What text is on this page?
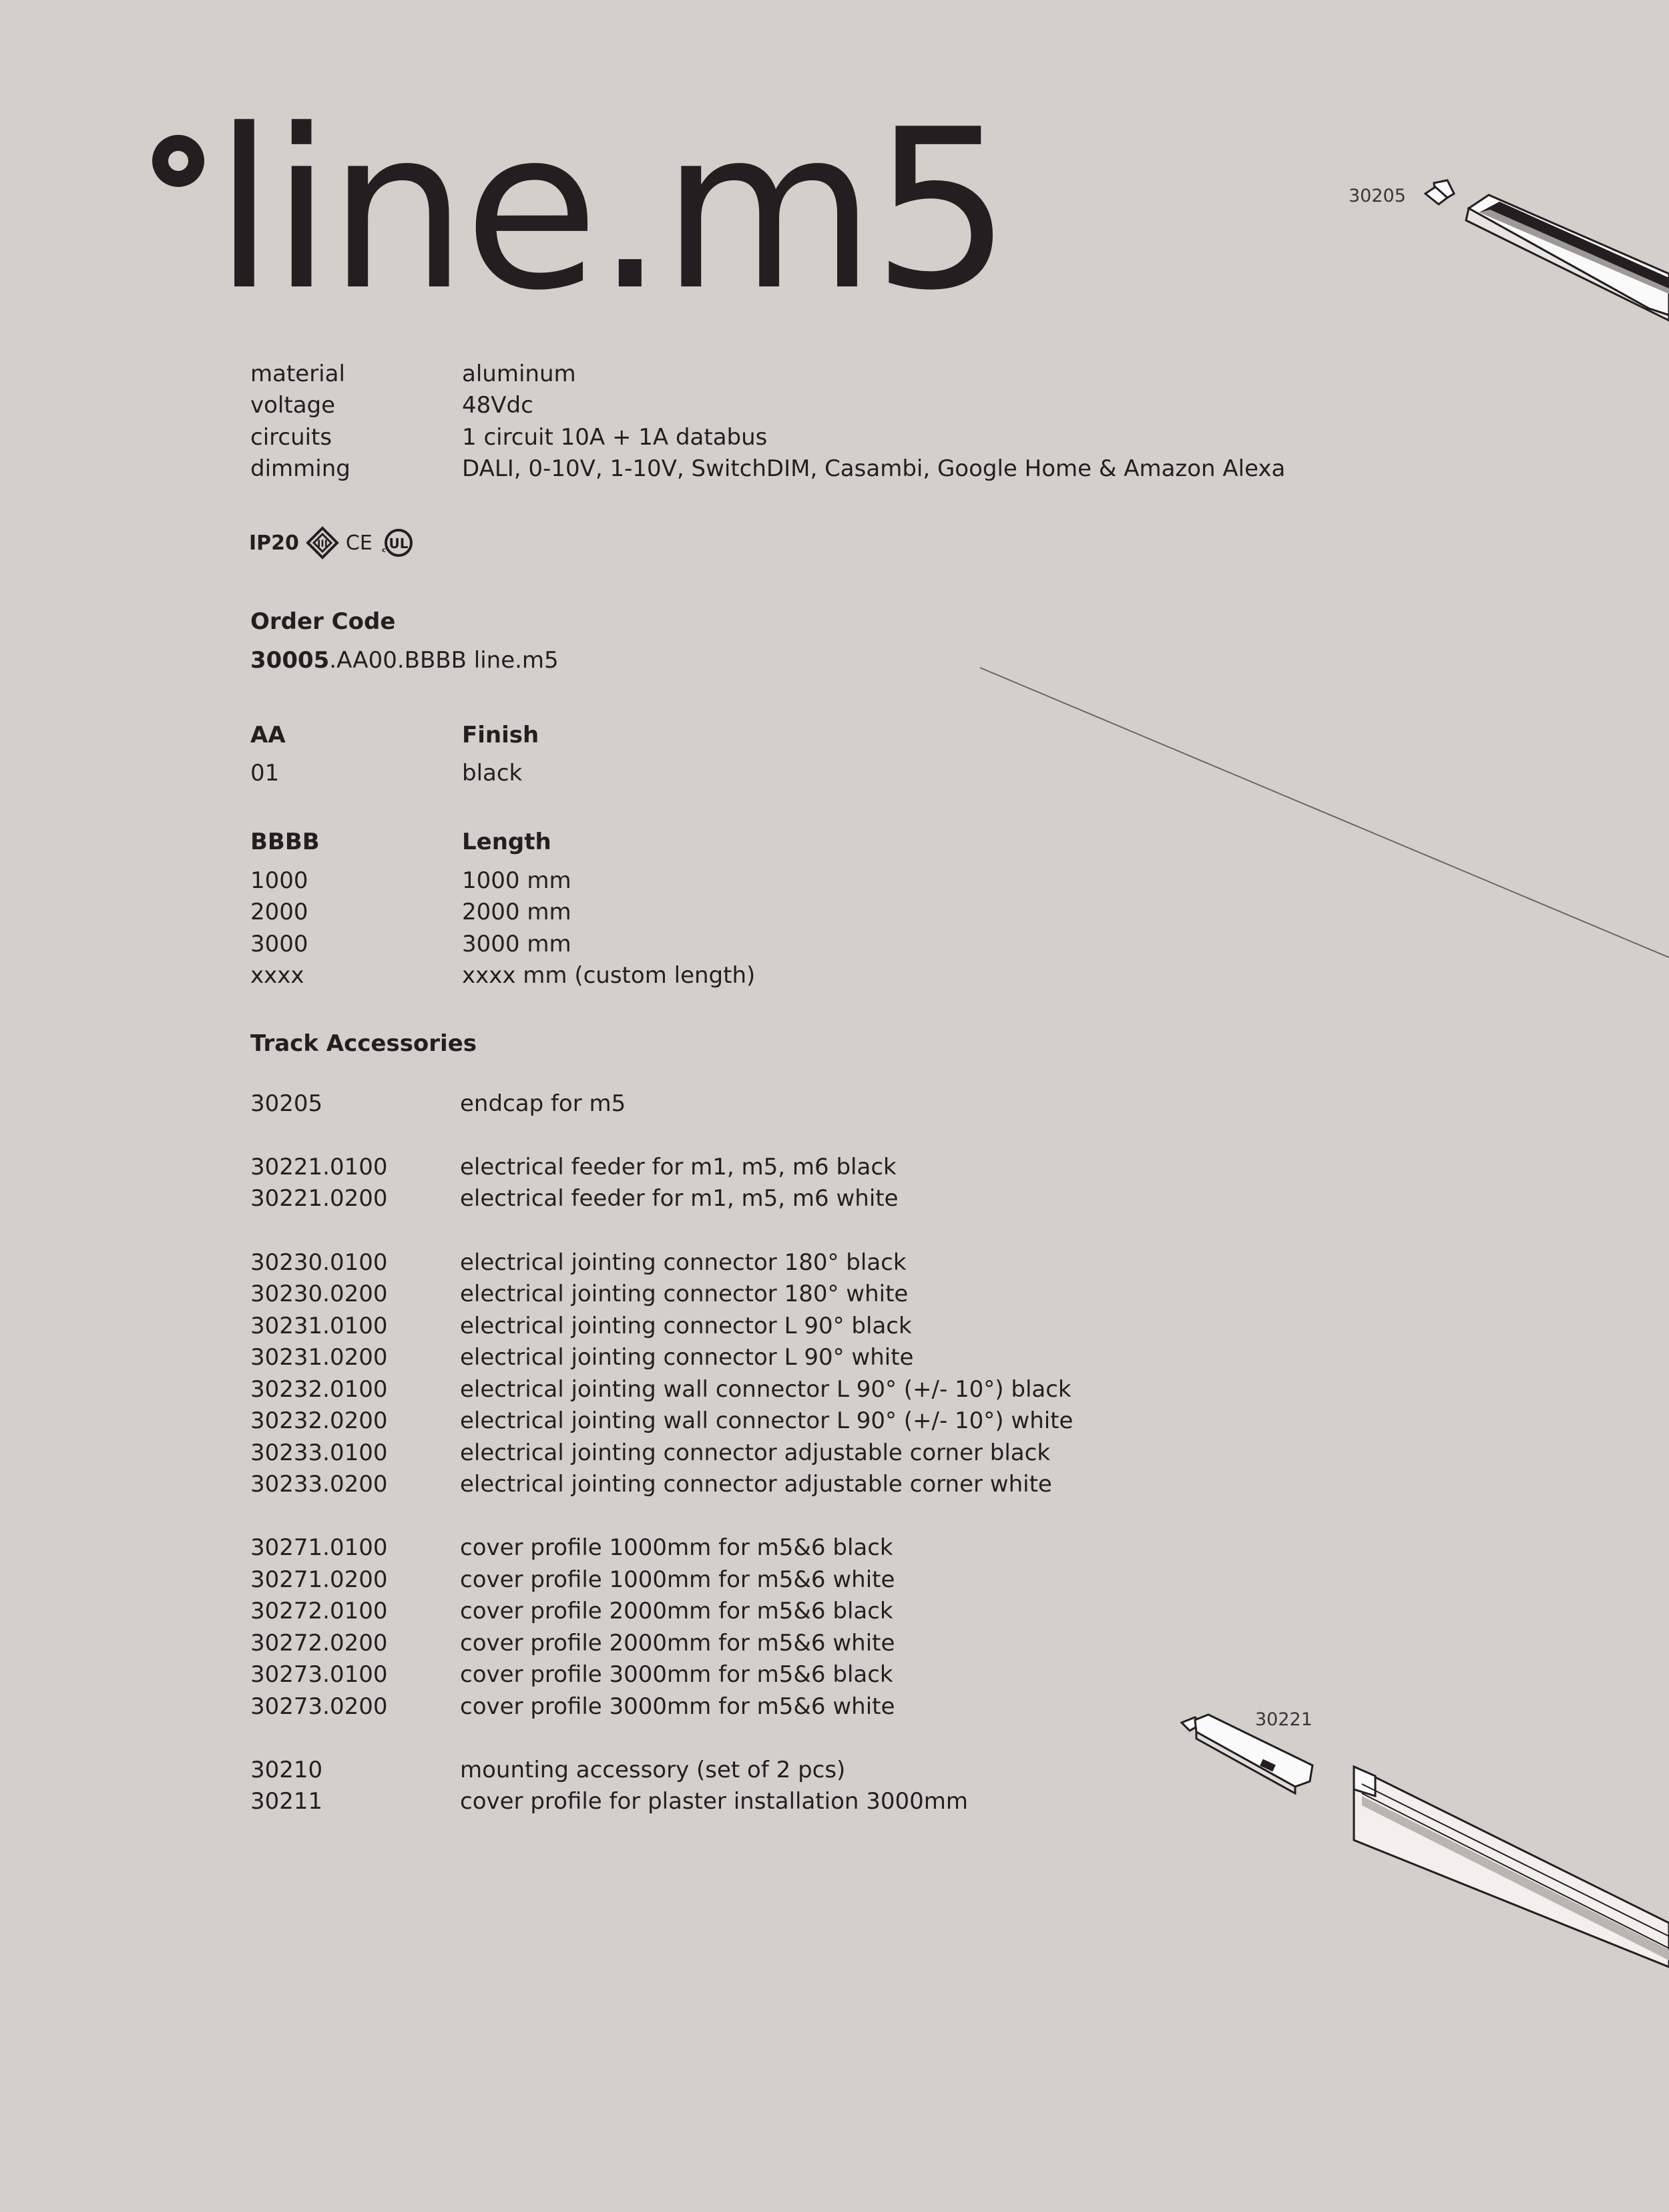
line.m5
material	aluminum
voltage	48Vdc
circuits	1 circuit 10A + 1A databus
dimming	DALI, 0-10V, 1-10V, SwitchDIM, Casambi, Google Home & Amazon Alexa
IP20 III CE UL
c
Order Code
30005.AA00.BBBB line.m5
AA	Finish
01	black
BBBB	Length
1000	1000 mm
2000	2000 mm
3000	3000 mm
xxxx	xxxx mm (custom length)
Track Accessories
30205	endcap for m5
30221.0100	electrical feeder for m1, m5, m6 black
30221.0200	electrical feeder for m1, m5, m6 white
30230.0100	electrical jointing connector 180° black
30230.0200	electrical jointing connector 180° white
30231.0100	electrical jointing connector L 90° black
30231.0200	electrical jointing connector L 90° white
30232.0100	electrical jointing wall connector L 90° (+/- 10°) black
30232.0200	electrical jointing wall connector L 90° (+/- 10°) white
30233.0100	electrical jointing connector adjustable corner black
30233.0200	electrical jointing connector adjustable corner white
30271.0100	cover profile 1000mm for m5&6 black
30271.0200	cover profile 1000mm for m5&6 white
30272.0100	cover profile 2000mm for m5&6 black
30272.0200	cover profile 2000mm for m5&6 white
30273.0100	cover profile 3000mm for m5&6 black
30273.0200	cover profile 3000mm for m5&6 white
30210	mounting accessory (set of 2 pcs)
30211	cover profile for plaster installation 3000mm
30205
30221
